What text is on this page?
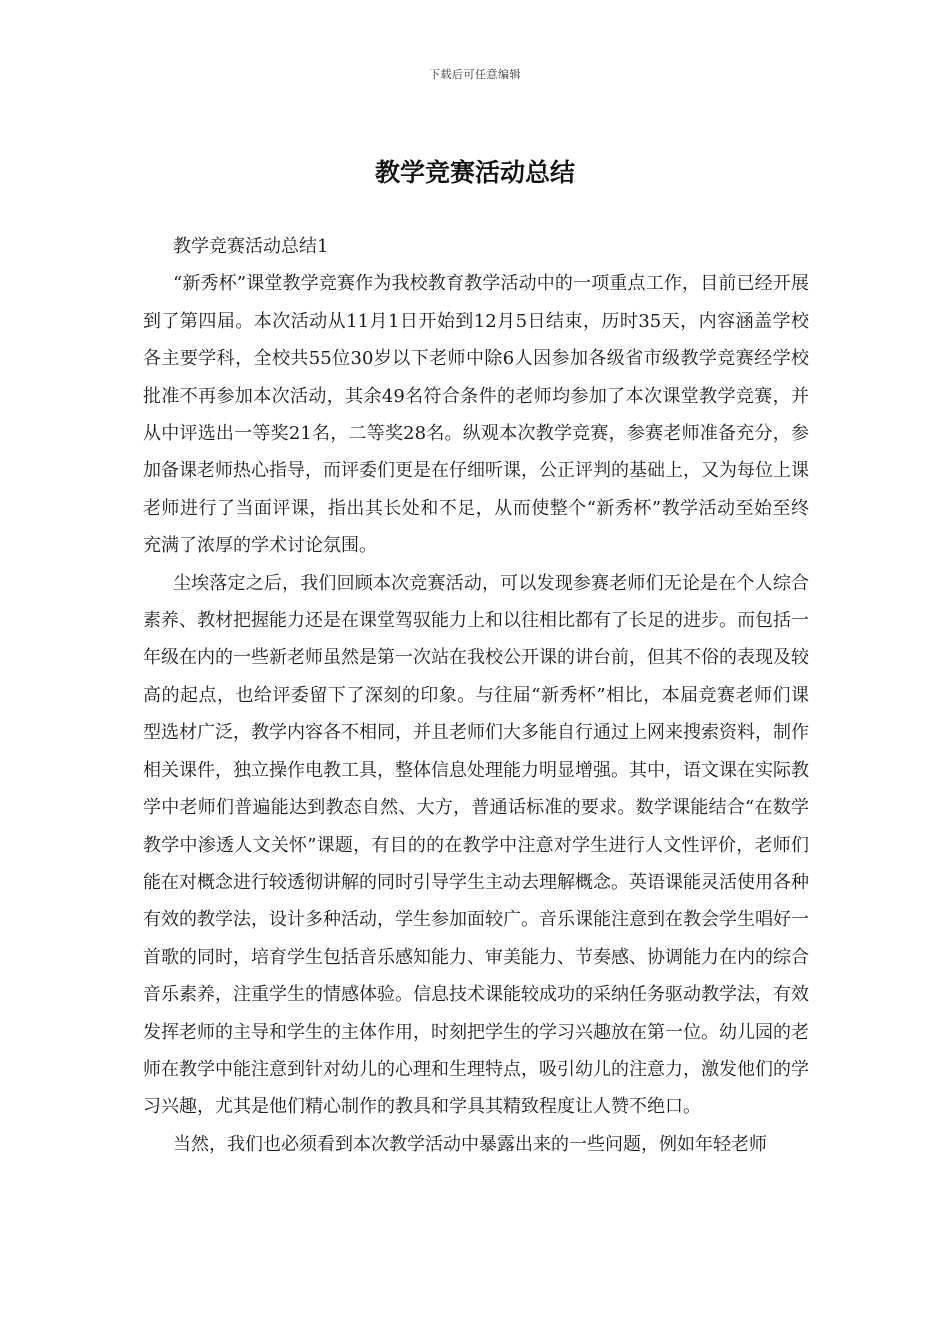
下载后可任意编辑
教学竞赛活动总结

教学竞赛活动总结1

“新秀杯”课堂教学竞赛作为我校教育教学活动中的一项重点工作，目前已经开展到了第四届。本次活动从11月1日开始到12月5日结束，历时35天，内容涵盖学校各主要学科，全校共55位30岁以下老师中除6人因参加各级省市级教学竞赛经学校批准不再参加本次活动，其余49名符合条件的老师均参加了本次课堂教学竞赛，并从中评选出一等奖21名，二等奖28名。纵观本次教学竞赛，参赛老师准备充分，参加备课老师热心指导，而评委们更是在仔细听课，公正评判的基础上，又为每位上课老师进行了当面评课，指出其长处和不足，从而使整个“新秀杯”教学活动至始至终充满了浓厚的学术讨论氛围。

尘埃落定之后，我们回顾本次竞赛活动，可以发现参赛老师们无论是在个人综合素养、教材把握能力还是在课堂驾驭能力上和以往相比都有了长足的进步。而包括一年级在内的一些新老师虽然是第一次站在我校公开课的讲台前，但其不俗的表现及较高的起点，也给评委留下了深刻的印象。与往届“新秀杯”相比，本届竞赛老师们课型选材广泛，教学内容各不相同，并且老师们大多能自行通过上网来搜索资料，制作相关课件，独立操作电教工具，整体信息处理能力明显增强。其中，语文课在实际教学中老师们普遍能达到教态自然、大方，普通话标准的要求。数学课能结合“在数学教学中渗透人文关怀”课题，有目的的在教学中注意对学生进行人文性评价，老师们能在对概念进行较透彻讲解的同时引导学生主动去理解概念。英语课能灵活使用各种有效的教学法，设计多种活动，学生参加面较广。音乐课能注意到在教会学生唱好一首歌的同时，培育学生包括音乐感知能力、审美能力、节奏感、协调能力在内的综合音乐素养，注重学生的情感体验。信息技术课能较成功的采纳任务驱动教学法，有效发挥老师的主导和学生的主体作用，时刻把学生的学习兴趣放在第一位。幼儿园的老师在教学中能注意到针对幼儿的心理和生理特点，吸引幼儿的注意力，激发他们的学习兴趣，尤其是他们精心制作的教具和学具其精致程度让人赞不绝口。

当然，我们也必须看到本次教学活动中暴露出来的一些问题，例如年轻老师
